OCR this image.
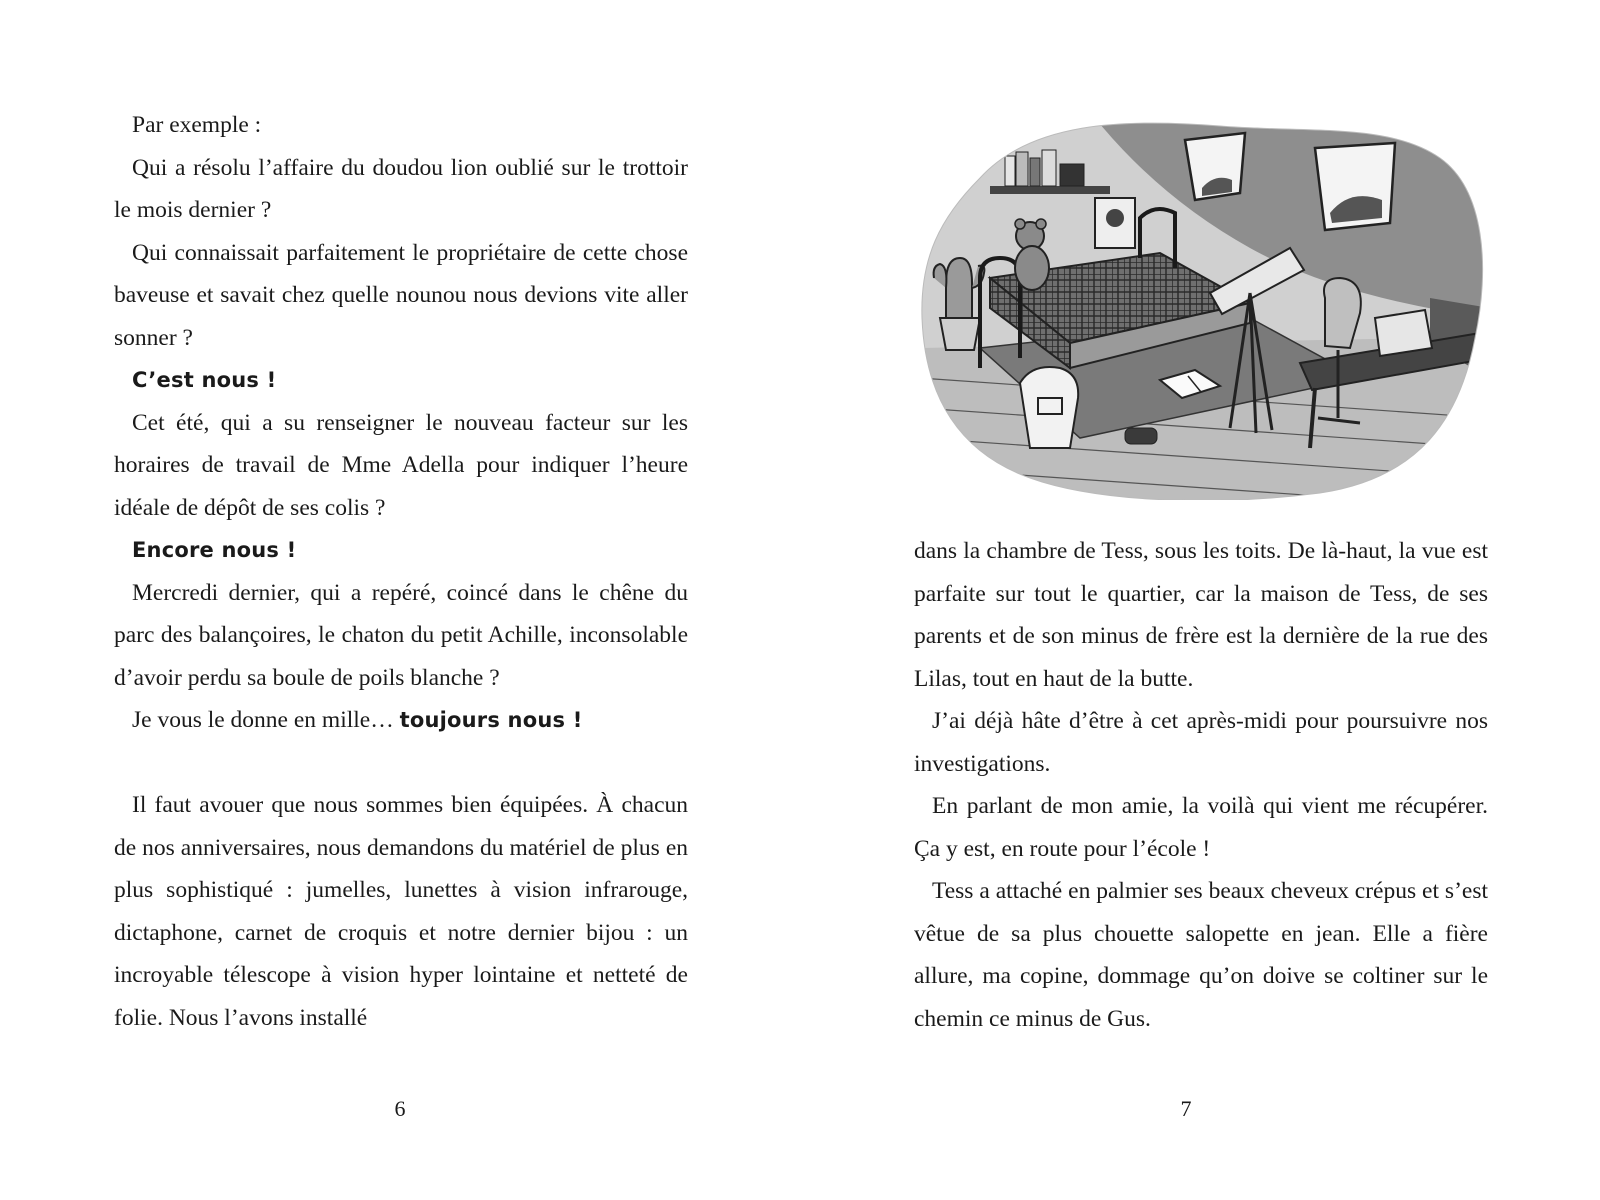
Par exemple :

Qui a résolu l’affaire du doudou lion oublié sur le trottoir le mois dernier ?

Qui connaissait parfaitement le propriétaire de cette chose baveuse et savait chez quelle nounou nous devions vite aller sonner ?

C’est nous !

Cet été, qui a su renseigner le nouveau facteur sur les horaires de travail de Mme Adella pour indiquer l’heure idéale de dépôt de ses colis ?

Encore nous !

Mercredi dernier, qui a repéré, coincé dans le chêne du parc des balançoires, le chaton du petit Achille, inconsolable d’avoir perdu sa boule de poils blanche ?

Je vous le donne en mille… toujours nous !

Il faut avouer que nous sommes bien équipées. À chacun de nos anniversaires, nous demandons du matériel de plus en plus sophistiqué : jumelles, lunettes à vision infrarouge, dictaphone, carnet de croquis et notre dernier bijou : un incroyable télescope à vision hyper lointaine et netteté de folie. Nous l’avons installé

6

dans la chambre de Tess, sous les toits. De là-haut, la vue est parfaite sur tout le quartier, car la maison de Tess, de ses parents et de son minus de frère est la dernière de la rue des Lilas, tout en haut de la butte.

J’ai déjà hâte d’être à cet après-midi pour poursuivre nos investigations.

En parlant de mon amie, la voilà qui vient me récupérer. Ça y est, en route pour l’école !

Tess a attaché en palmier ses beaux cheveux crépus et s’est vêtue de sa plus chouette salopette en jean. Elle a fière allure, ma copine, dommage qu’on doive se coltiner sur le chemin ce minus de Gus.

7
